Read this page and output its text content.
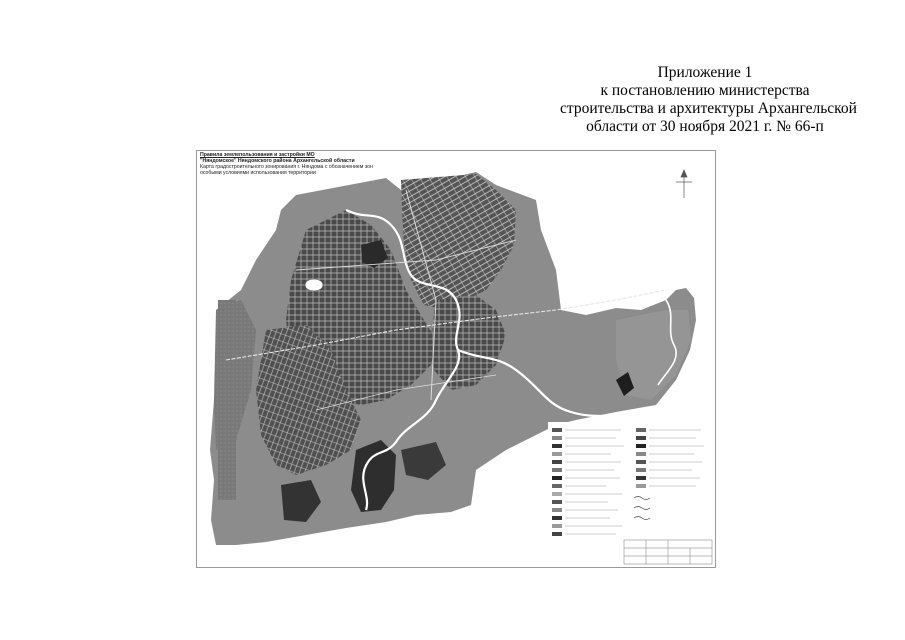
Приложение 1
к постановлению министерства
строительства и архитектуры Архангельской
области от 30 ноября 2021 г. № 66-п
Правила землепользования и застройки МО
"Няндомское" Няндомского района Архангельской области
Карта градостроительного зонирования г. Няндома с обозначением зон
особыми условиями использования территории
